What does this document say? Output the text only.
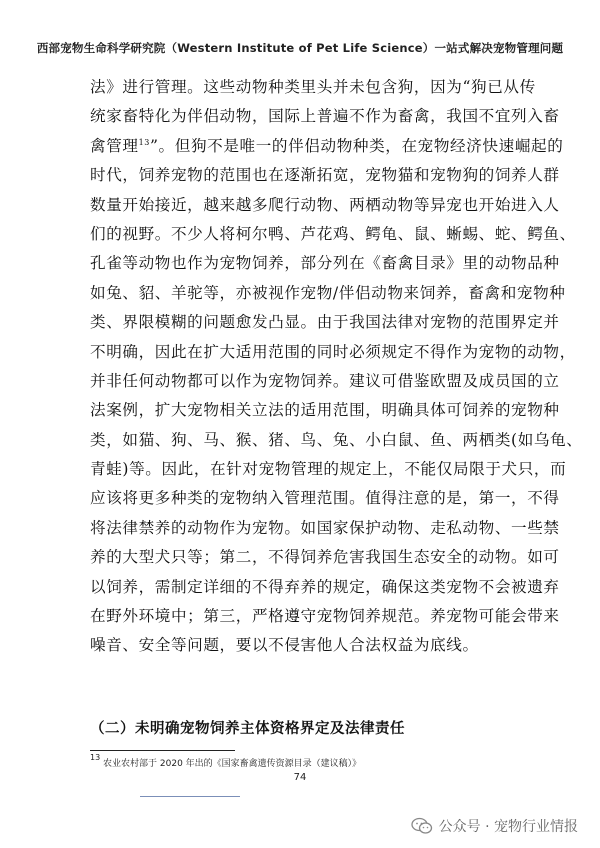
西部宠物生命科学研究院（Western Institute of Pet Life Science）一站式解决宠物管理问题
法》进行管理。这些动物种类里头并未包含狗，因为“狗已从传
统家畜特化为伴侣动物，国际上普遍不作为畜禽，我国不宜列入畜
禽管理$^{13}$”。但狗不是唯一的伴侣动物种类，在宠物经济快速崛起的
时代，饲养宠物的范围也在逐渐拓宽，宠物猫和宠物狗的饲养人群
数量开始接近，越来越多爬行动物、两栖动物等异宠也开始进入人
们的视野。不少人将柯尔鸭、芦花鸡、鳄龟、鼠、蜥蜴、蛇、鳄鱼、
孔雀等动物也作为宠物饲养，部分列在《畜禽目录》里的动物品种
如兔、貂、羊驼等，亦被视作宠物/伴侣动物来饲养，畜禽和宠物种
类、界限模糊的问题愈发凸显。由于我国法律对宠物的范围界定并
不明确，因此在扩大适用范围的同时必须规定不得作为宠物的动物，
并非任何动物都可以作为宠物饲养。建议可借鉴欧盟及成员国的立
法案例，扩大宠物相关立法的适用范围，明确具体可饲养的宠物种
类，如猫、狗、马、猴、猪、鸟、兔、小白鼠、鱼、两栖类(如乌龟、
青蛙)等。因此，在针对宠物管理的规定上，不能仅局限于犬只，而
应该将更多种类的宠物纳入管理范围。值得注意的是，第一，不得
将法律禁养的动物作为宠物。如国家保护动物、走私动物、一些禁
养的大型犬只等；第二，不得饲养危害我国生态安全的动物。如可
以饲养，需制定详细的不得弃养的规定，确保这类宠物不会被遗弃
在野外环境中；第三，严格遵守宠物饲养规范。养宠物可能会带来
噪音、安全等问题，要以不侵害他人合法权益为底线。
（二）未明确宠物饲养主体资格界定及法律责任
$^{13}$ 农业农村部于 2020 年出的《国家畜禽遗传资源目录（建议稿）》
74
公众号 · 宠物行业情报
